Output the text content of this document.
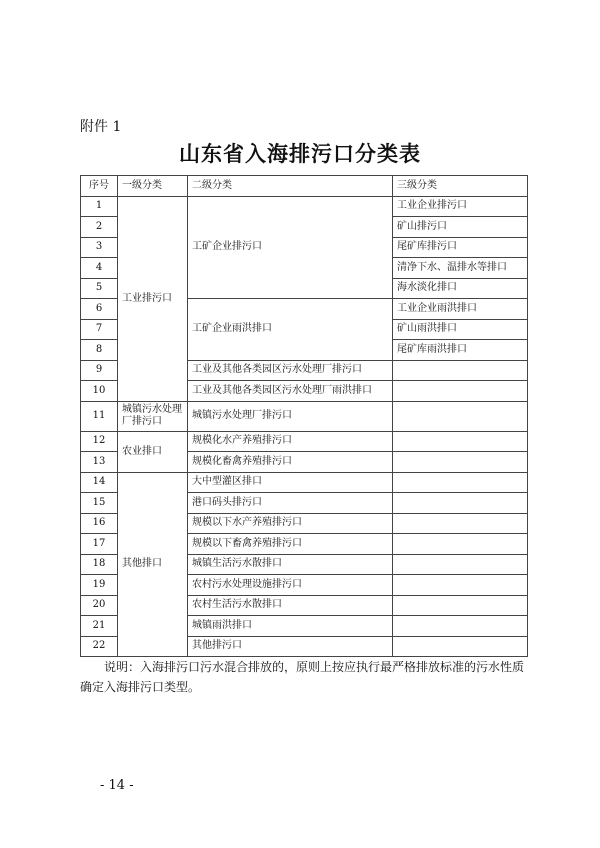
附件 1
山东省入海排污口分类表
序号	一级分类	二级分类	三级分类
1	工业排污口	工矿企业排污口	工业企业排污口
2			矿山排污口
3			尾矿库排污口
4			清净下水、温排水等排口
5			海水淡化排口
6		工矿企业雨洪排口	工业企业雨洪排口
7			矿山雨洪排口
8			尾矿库雨洪排口
9		工业及其他各类园区污水处理厂排污口	
10		工业及其他各类园区污水处理厂雨洪排口	
11	城镇污水处理厂排污口	城镇污水处理厂排污口	
12	农业排口	规模化水产养殖排污口	
13		规模化畜禽养殖排污口	
14	其他排口	大中型灌区排口	
15		港口码头排污口	
16		规模以下水产养殖排污口	
17		规模以下畜禽养殖排污口	
18		城镇生活污水散排口	
19		农村污水处理设施排污口	
20		农村生活污水散排口	
21		城镇雨洪排口	
22		其他排污口	

说明：入海排污口污水混合排放的，原则上按应执行最严格排放标准的污水性质确定入海排污口类型。

- 14 -
